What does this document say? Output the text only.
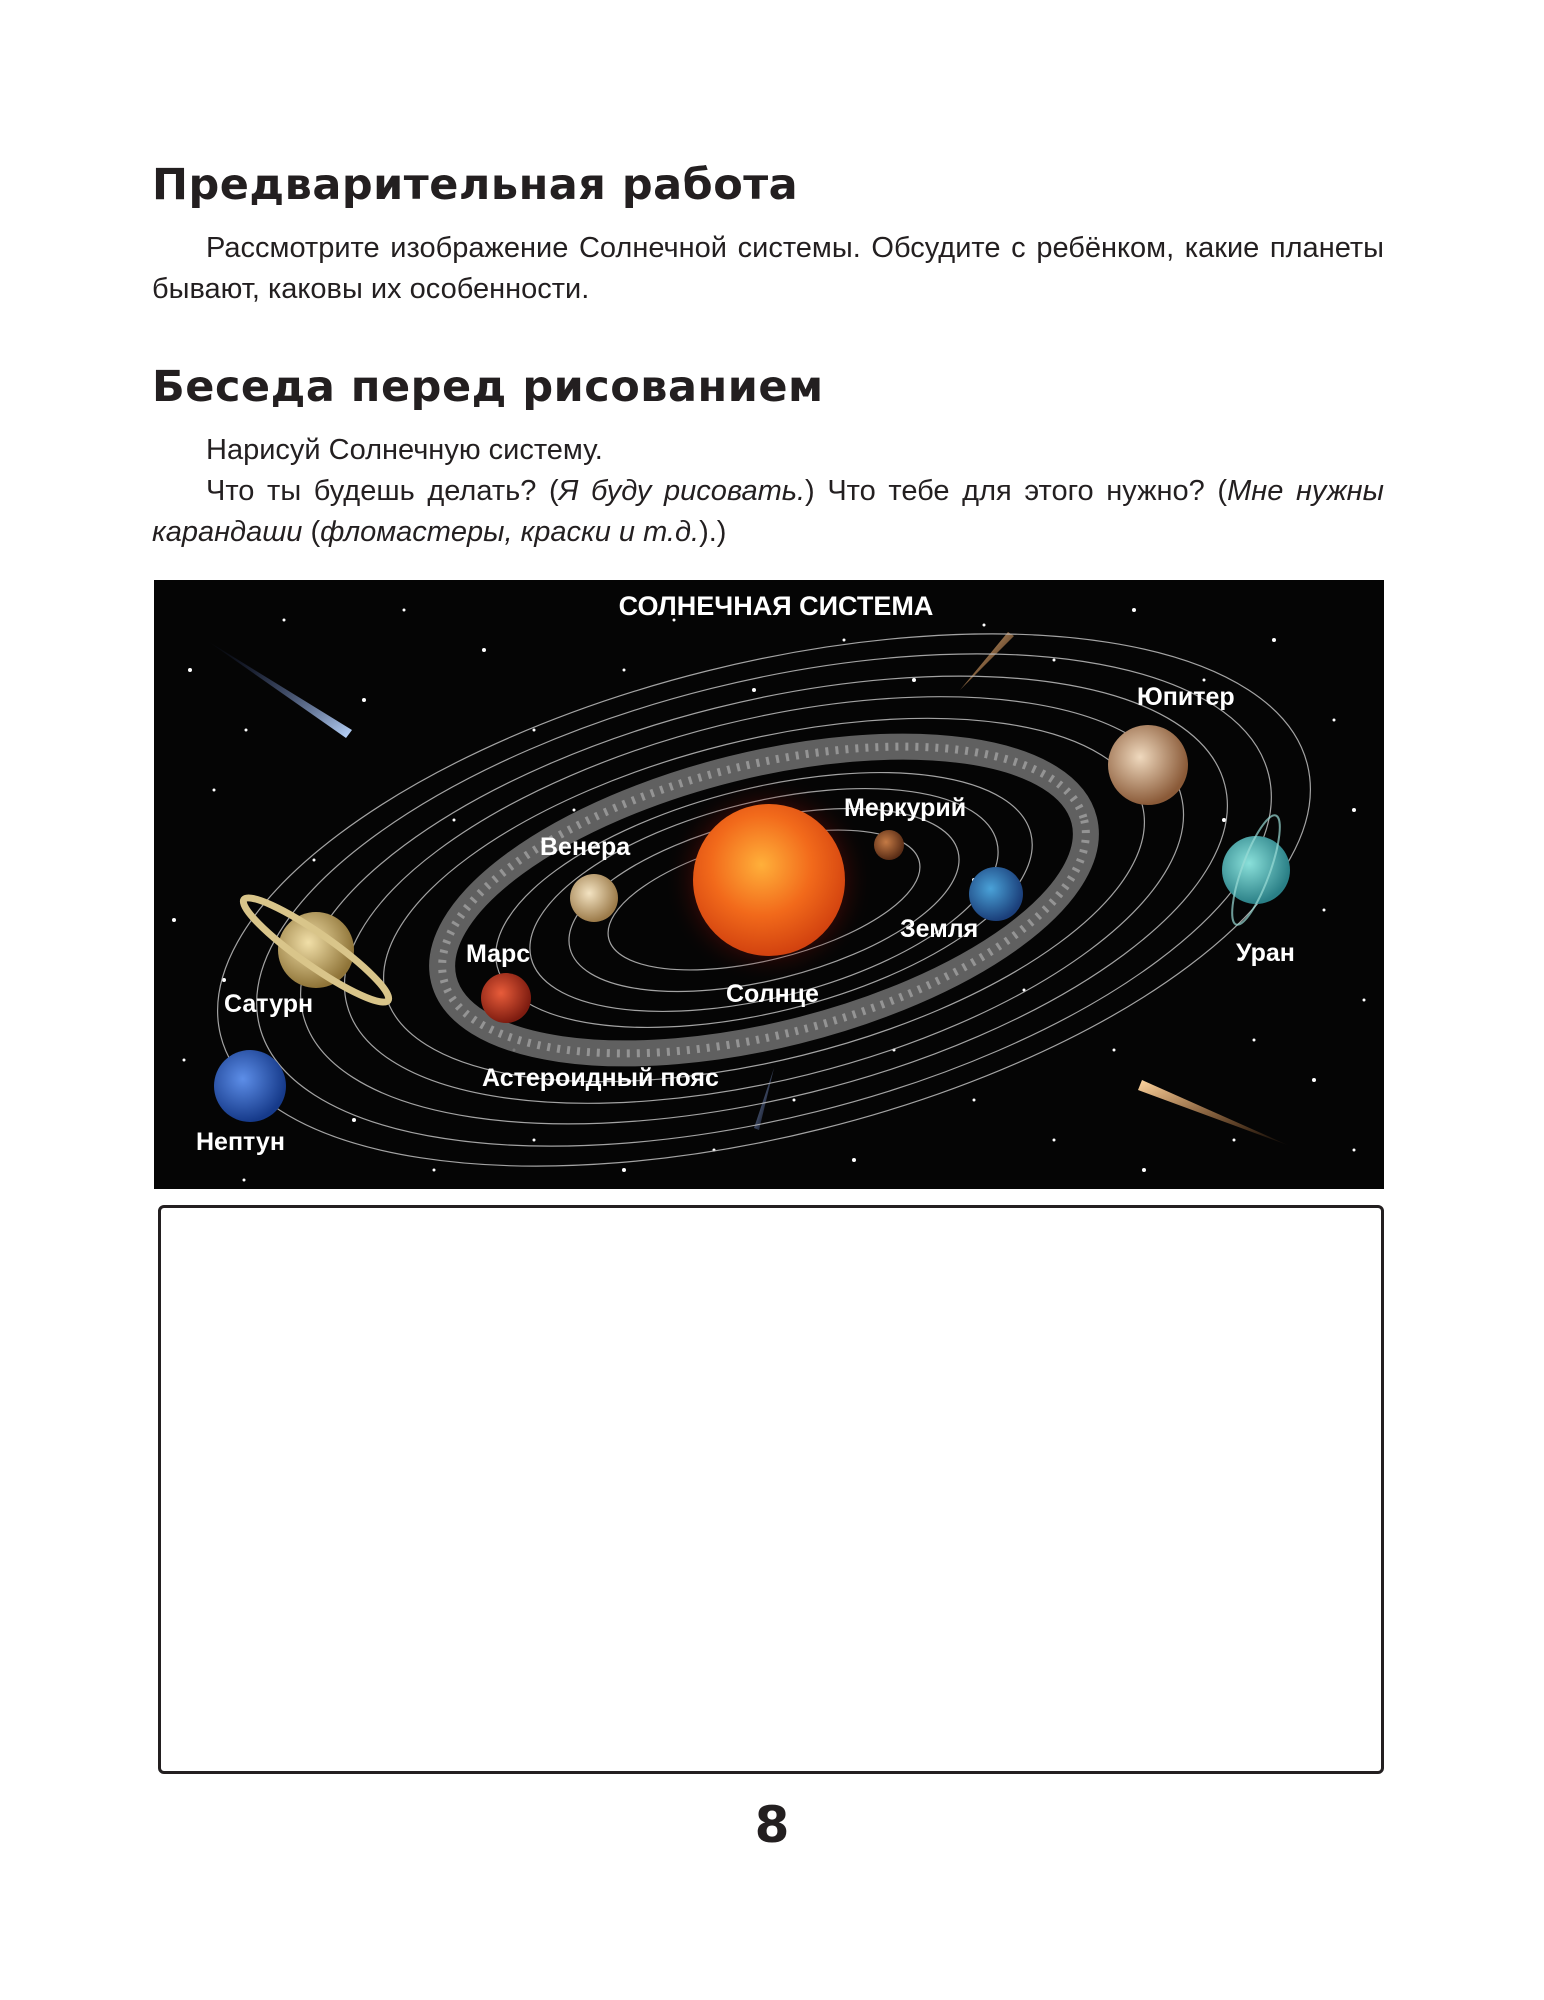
Предварительная работа

Рассмотрите изображение Солнечной системы. Обсудите с ребёнком, какие планеты бывают, каковы их особенности.

Беседа перед рисованием

Нарисуй Солнечную систему.

Что ты будешь делать? (Я буду рисовать.) Что тебе для этого нужно? (Мне нужны карандаши (фломастеры, краски и т.д.).)

СОЛНЕЧНАЯ СИСТЕМА
Юпитер
Меркурий
Венера
Земля
Марс	Уран
Солнце
Сатурн
Астероидный пояс
Нептун
8
